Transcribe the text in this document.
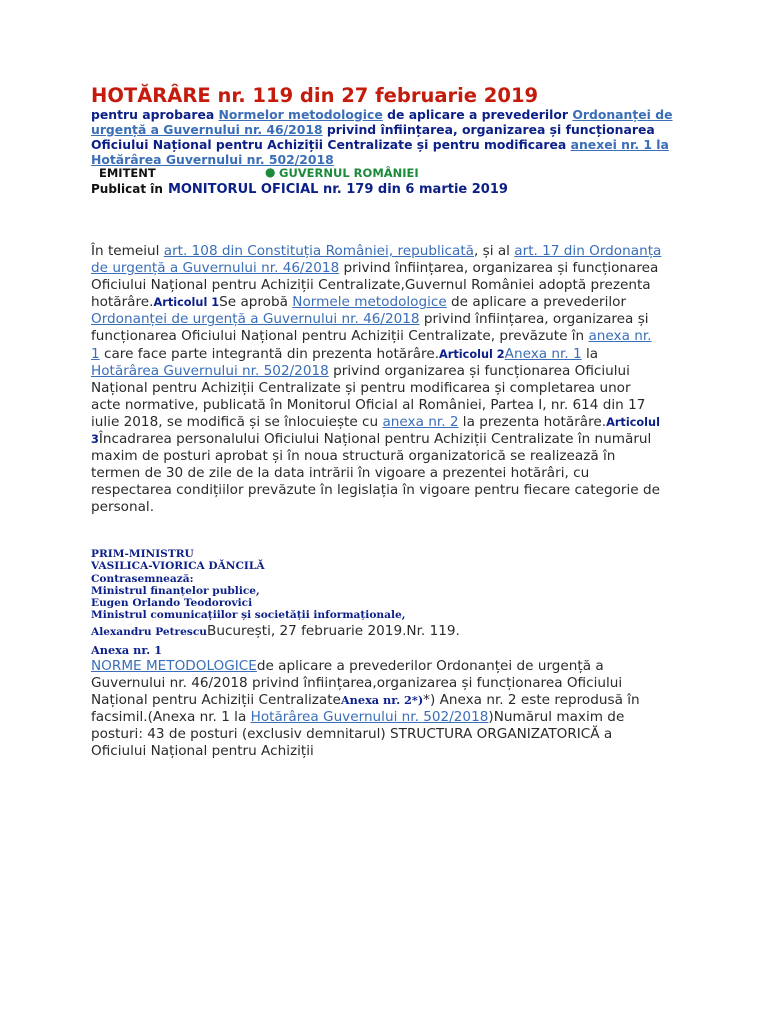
HOTĂRÂRE nr. 119 din 27 februarie 2019
pentru aprobarea Normelor metodologice de aplicare a prevederilor Ordonanței de urgență a Guvernului nr. 46/2018 privind înființarea, organizarea și funcționarea Oficiului Național pentru Achiziții Centralizate și pentru modificarea anexei nr. 1 la Hotărârea Guvernului nr. 502/2018
EMITENT	● GUVERNUL ROMÂNIEI
Publicat în MONITORUL OFICIAL nr. 179 din 6 martie 2019
În temeiul art. 108 din Constituția României, republicată, și al art. 17 din Ordonanța de urgență a Guvernului nr. 46/2018 privind înființarea, organizarea și funcționarea Oficiului Național pentru Achiziții Centralizate,Guvernul României adoptă prezenta hotărâre.Articolul 1Se aprobă Normele metodologice de aplicare a prevederilor Ordonanței de urgență a Guvernului nr. 46/2018 privind înființarea, organizarea și funcționarea Oficiului Național pentru Achiziții Centralizate, prevăzute în anexa nr. 1 care face parte integrantă din prezenta hotărâre.Articolul 2Anexa nr. 1 la Hotărârea Guvernului nr. 502/2018 privind organizarea și funcționarea Oficiului Național pentru Achiziții Centralizate și pentru modificarea și completarea unor acte normative, publicată în Monitorul Oficial al României, Partea I, nr. 614 din 17 iulie 2018, se modifică și se înlocuiește cu anexa nr. 2 la prezenta hotărâre.Articolul 3Încadrarea personalului Oficiului Național pentru Achiziții Centralizate în numărul maxim de posturi aprobat și în noua structură organizatorică se realizează în termen de 30 de zile de la data intrării în vigoare a prezentei hotărâri, cu respectarea condițiilor prevăzute în legislația în vigoare pentru fiecare categorie de personal.
PRIM-MINISTRU
VASILICA-VIORICA DĂNCILĂ
Contrasemnează:
Ministrul finanțelor publice,
Eugen Orlando Teodorovici
Ministrul comunicațiilor și societății informaționale,
Alexandru PetrescuBucurești, 27 februarie 2019.Nr. 119.
Anexa nr. 1
NORME METODOLOGICEde aplicare a prevederilor Ordonanței de urgență a Guvernului nr. 46/2018 privind înființarea,organizarea și funcționarea Oficiului Național pentru Achiziții CentralizateAnexa nr. 2*)*) Anexa nr. 2 este reprodusă în facsimil.(Anexa nr. 1 la Hotărârea Guvernului nr. 502/2018)Numărul maxim de posturi: 43 de posturi (exclusiv demnitarul) STRUCTURA ORGANIZATORICĂ a Oficiului Național pentru Achiziții
